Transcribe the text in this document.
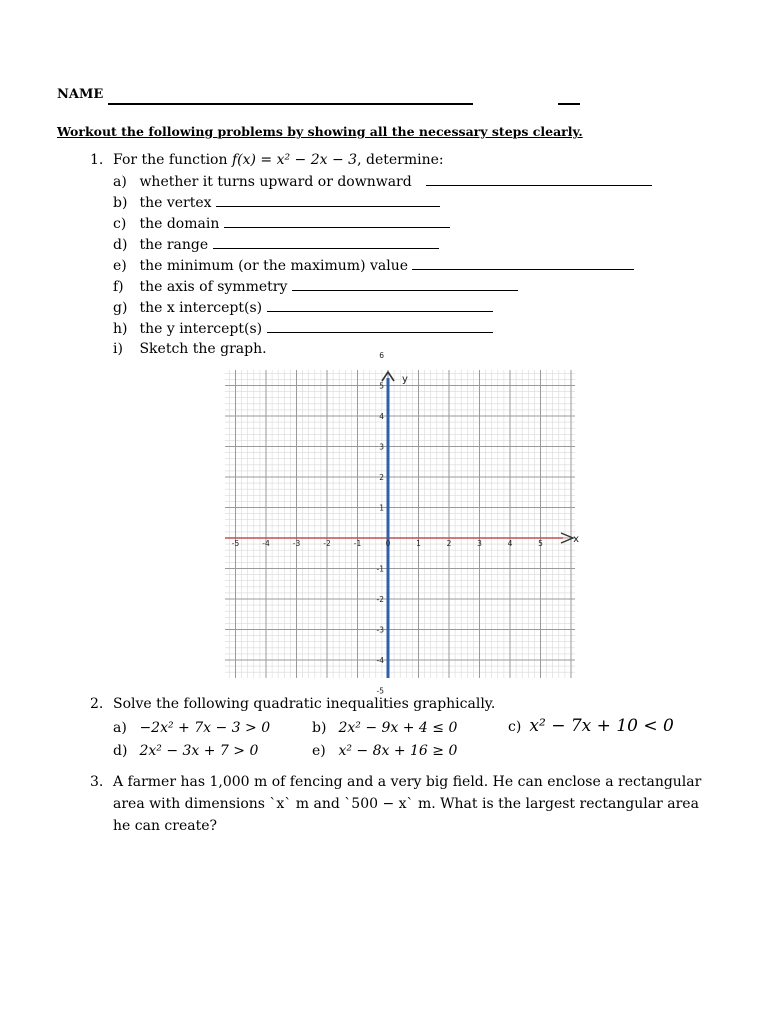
NAME
Workout the following problems by showing all the necessary steps clearly.
1. For the function f(x) = x² − 2x − 3, determine:
a) whether it turns upward or downward
b) the vertex
c) the domain
d) the range
e) the minimum (or the maximum) value
f) the axis of symmetry
g) the x intercept(s)
h) the y intercept(s)
i) Sketch the graph.
x
y
-5	-4	-3	-2	-1	0	1	2	3	4	5
6
5
4
3
2
1
-1
-2
-3
-4
-5
2. Solve the following quadratic inequalities graphically.
a) −2x² + 7x − 3 > 0	b) 2x² − 9x + 4 ≤ 0	c) x² − 7x + 10 < 0
d) 2x² − 3x + 7 > 0	e) x² − 8x + 16 ≥ 0
3. A farmer has 1,000 m of fencing and a very big field. He can enclose a rectangular
area with dimensions `x` m and `500 − x` m. What is the largest rectangular area
he can create?
